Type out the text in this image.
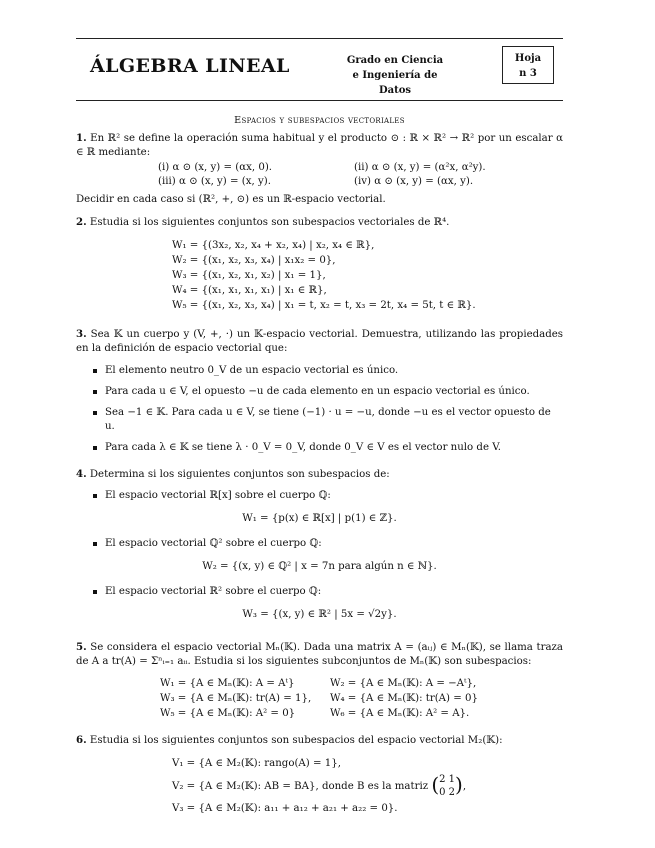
ÁLGEBRA LINEAL	Grado en Ciencia
e Ingeniería de Datos
Hoja
n 3
Espacios y subespacios vectoriales

1. En ℝ² se define la operación suma habitual y el producto ⊙ : ℝ × ℝ² → ℝ² por un escalar α ∈ ℝ mediante:

(i) α ⊙ (x, y) = (αx, 0).	(ii) α ⊙ (x, y) = (α²x, α²y).
(iii) α ⊙ (x, y) = (x, y).	(iv) α ⊙ (x, y) = (αx, y).

Decidir en cada caso si (ℝ², +, ⊙) es un ℝ-espacio vectorial.

2. Estudia si los siguientes conjuntos son subespacios vectoriales de ℝ⁴.

W₁ = {(3x₂, x₂, x₄ + x₂, x₄) | x₂, x₄ ∈ ℝ},
W₂ = {(x₁, x₂, x₃, x₄) | x₁x₂ = 0},
W₃ = {(x₁, x₂, x₁, x₂) | x₁ = 1},
W₄ = {(x₁, x₁, x₁, x₁) | x₁ ∈ ℝ},
W₅ = {(x₁, x₂, x₃, x₄) | x₁ = t, x₂ = t, x₃ = 2t, x₄ = 5t, t ∈ ℝ}.

3. Sea 𝕂 un cuerpo y (V, +, ·) un 𝕂-espacio vectorial. Demuestra, utilizando las propiedades en la definición de espacio vectorial que:

El elemento neutro 0_V de un espacio vectorial es único.
Para cada u ∈ V, el opuesto −u de cada elemento en un espacio vectorial es único.
Sea −1 ∈ 𝕂. Para cada u ∈ V, se tiene (−1) · u = −u, donde −u es el vector opuesto de u.
Para cada λ ∈ 𝕂 se tiene λ · 0_V = 0_V, donde 0_V ∈ V es el vector nulo de V.

4. Determina si los siguientes conjuntos son subespacios de:

El espacio vectorial ℝ[x] sobre el cuerpo ℚ:
W₁ = {p(x) ∈ ℝ[x] | p(1) ∈ ℤ}.
El espacio vectorial ℚ² sobre el cuerpo ℚ:
W₂ = {(x, y) ∈ ℚ² | x = 7n para algún n ∈ ℕ}.
El espacio vectorial ℝ² sobre el cuerpo ℚ:
W₃ = {(x, y) ∈ ℝ² | 5x = √2y}.

5. Se considera el espacio vectorial Mₙ(𝕂). Dada una matrix A = (aᵢⱼ) ∈ Mₙ(𝕂), se llama traza de A a tr(A) = Σⁿᵢ₌₁ aᵢᵢ. Estudia si los siguientes subconjuntos de Mₙ(𝕂) son subespacios:

W₁ = {A ∈ Mₙ(𝕂): A = Aᵗ}	W₂ = {A ∈ Mₙ(𝕂): A = −Aᵗ},
W₃ = {A ∈ Mₙ(𝕂): tr(A) = 1},	W₄ = {A ∈ Mₙ(𝕂): tr(A) = 0}
W₅ = {A ∈ Mₙ(𝕂): A² = 0}	W₆ = {A ∈ Mₙ(𝕂): A² = A}.

6. Estudia si los siguientes conjuntos son subespacios del espacio vectorial M₂(𝕂):

V₁ = {A ∈ M₂(𝕂): rango(A) = 1},
V₂ = {A ∈ M₂(𝕂): AB = BA}, donde B es la matriz ( 2 1
0 2 ),
V₃ = {A ∈ M₂(𝕂): a₁₁ + a₁₂ + a₂₁ + a₂₂ = 0}.
